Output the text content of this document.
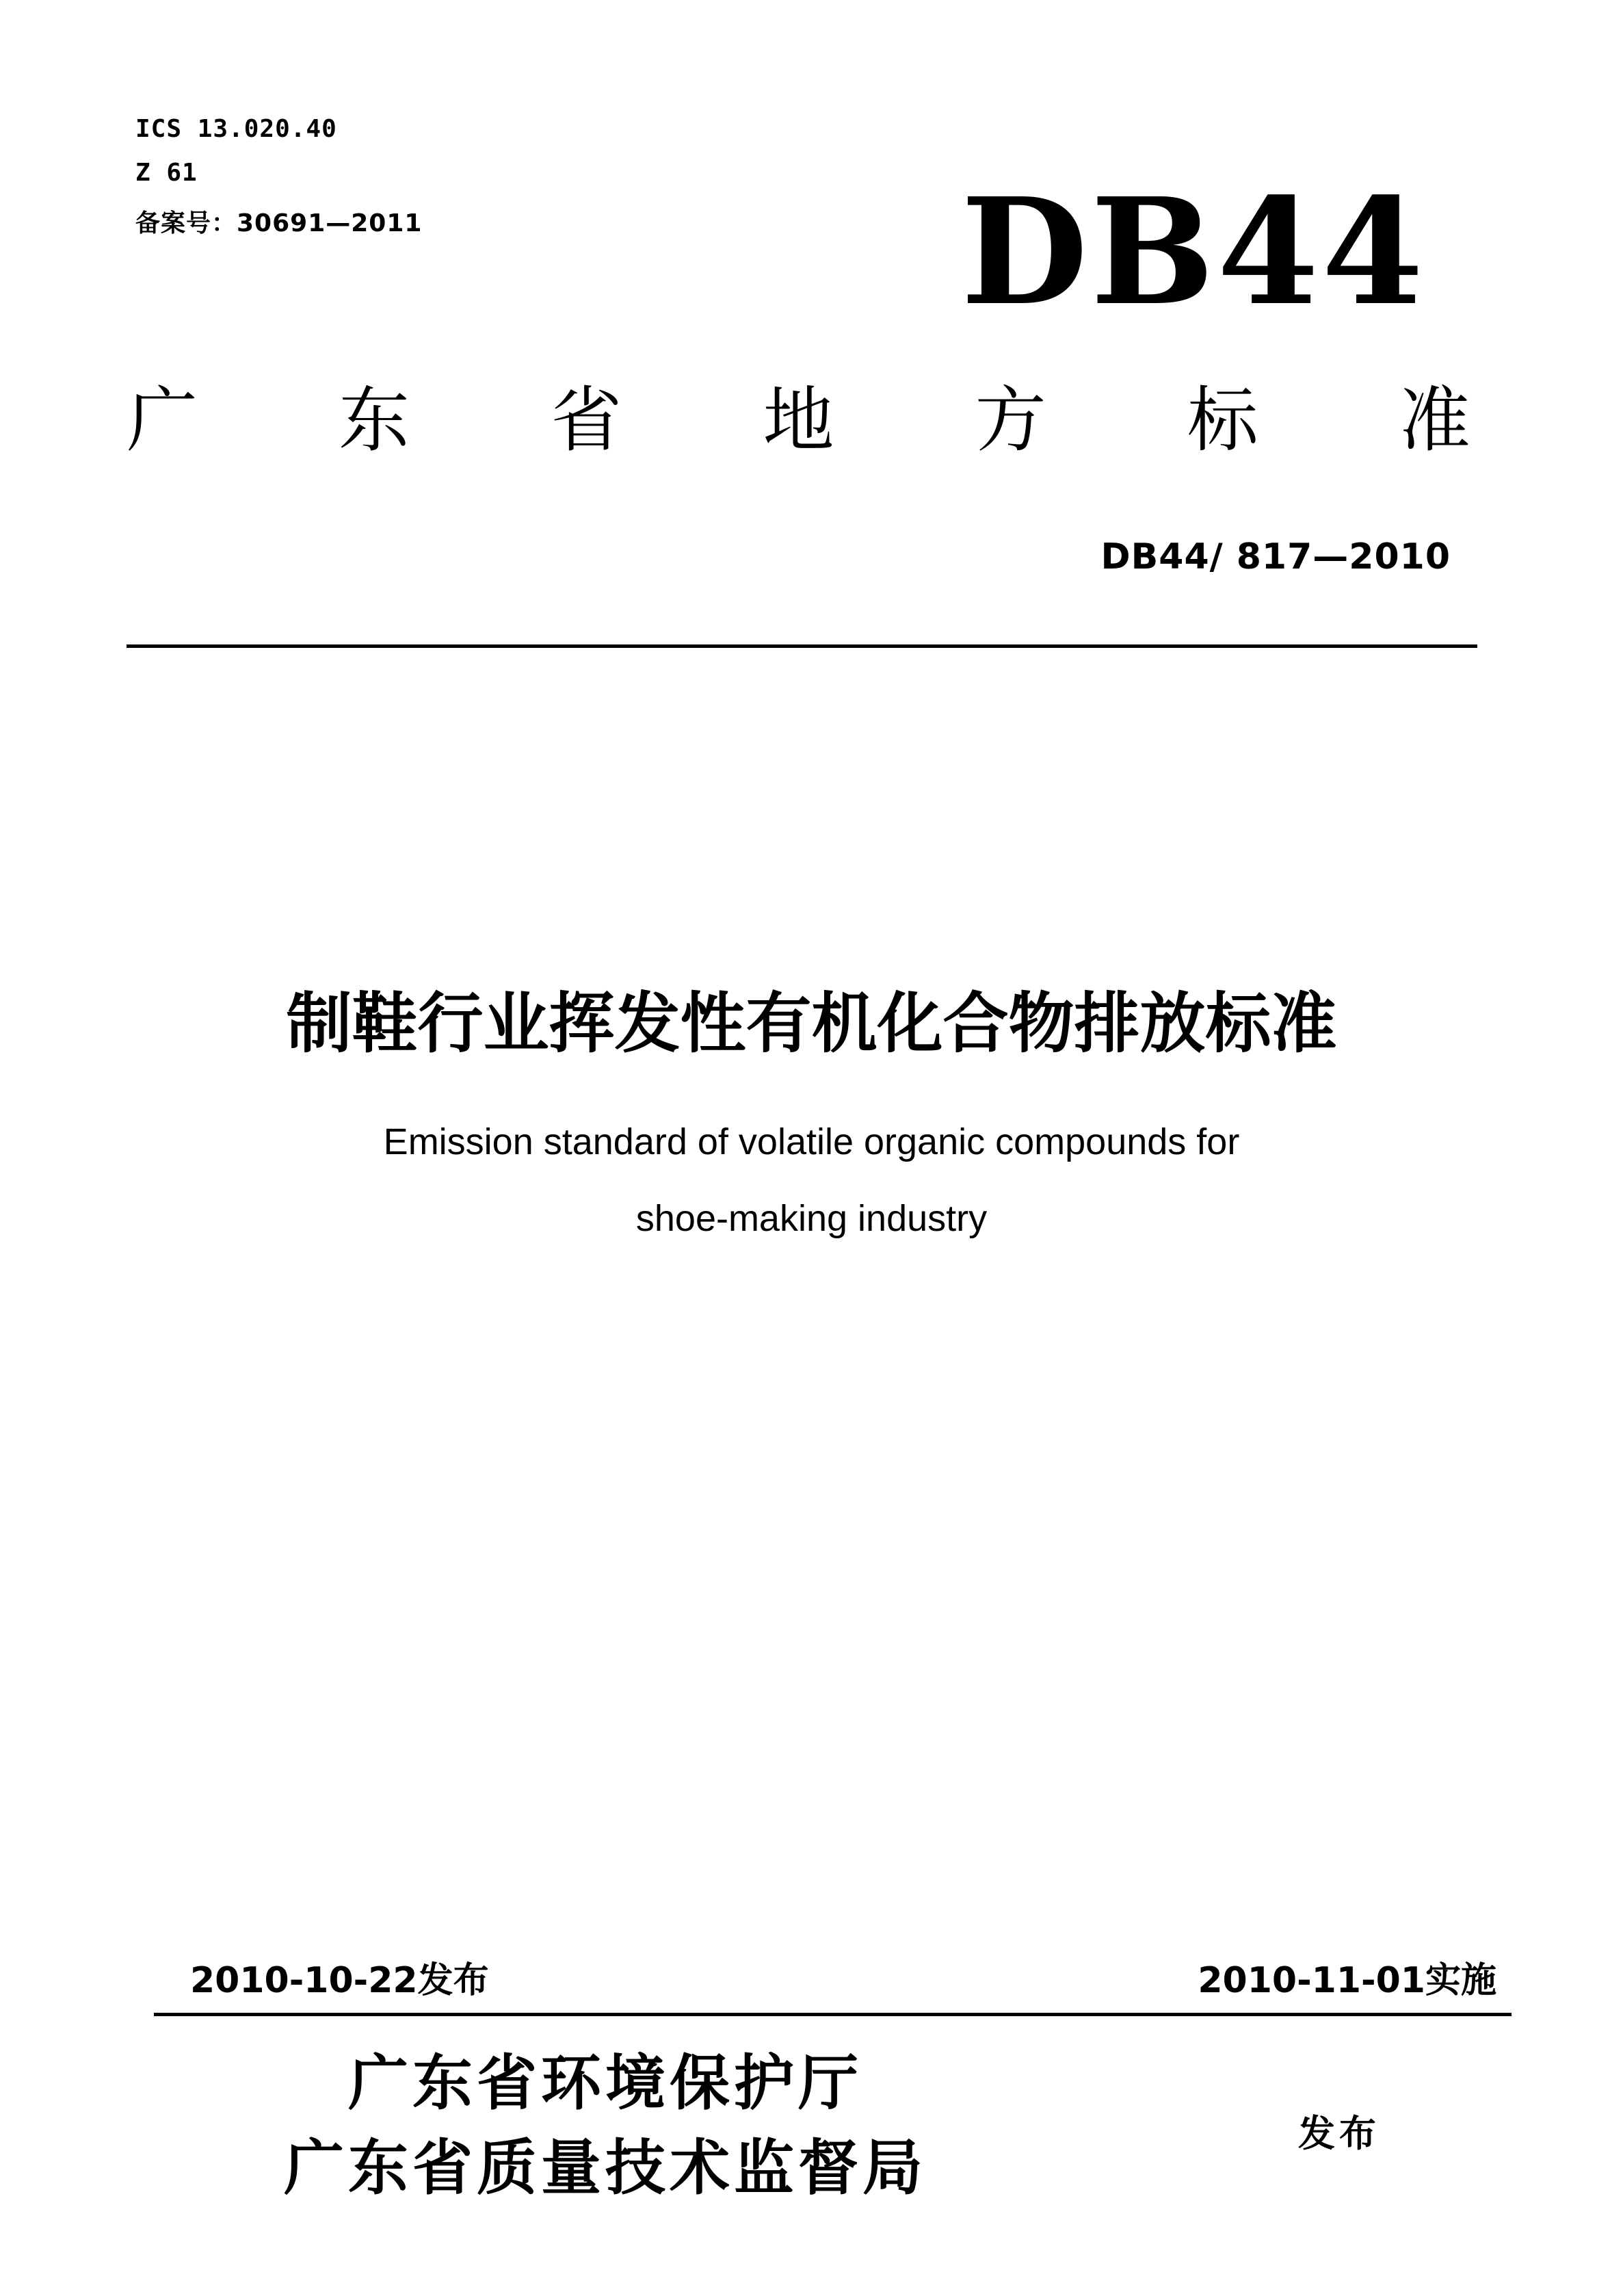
ICS 13.020.40

Z 61

备案号：30691—2011	DB44
广 东 省 地 方 标 准

DB44/ 817—2010

制鞋行业挥发性有机化合物排放标准

Emission standard of volatile organic compounds for

shoe-making industry

2010-10-22发布	2010-11-01实施

广东省环境保护厅

广东省质量技术监督局	发布
